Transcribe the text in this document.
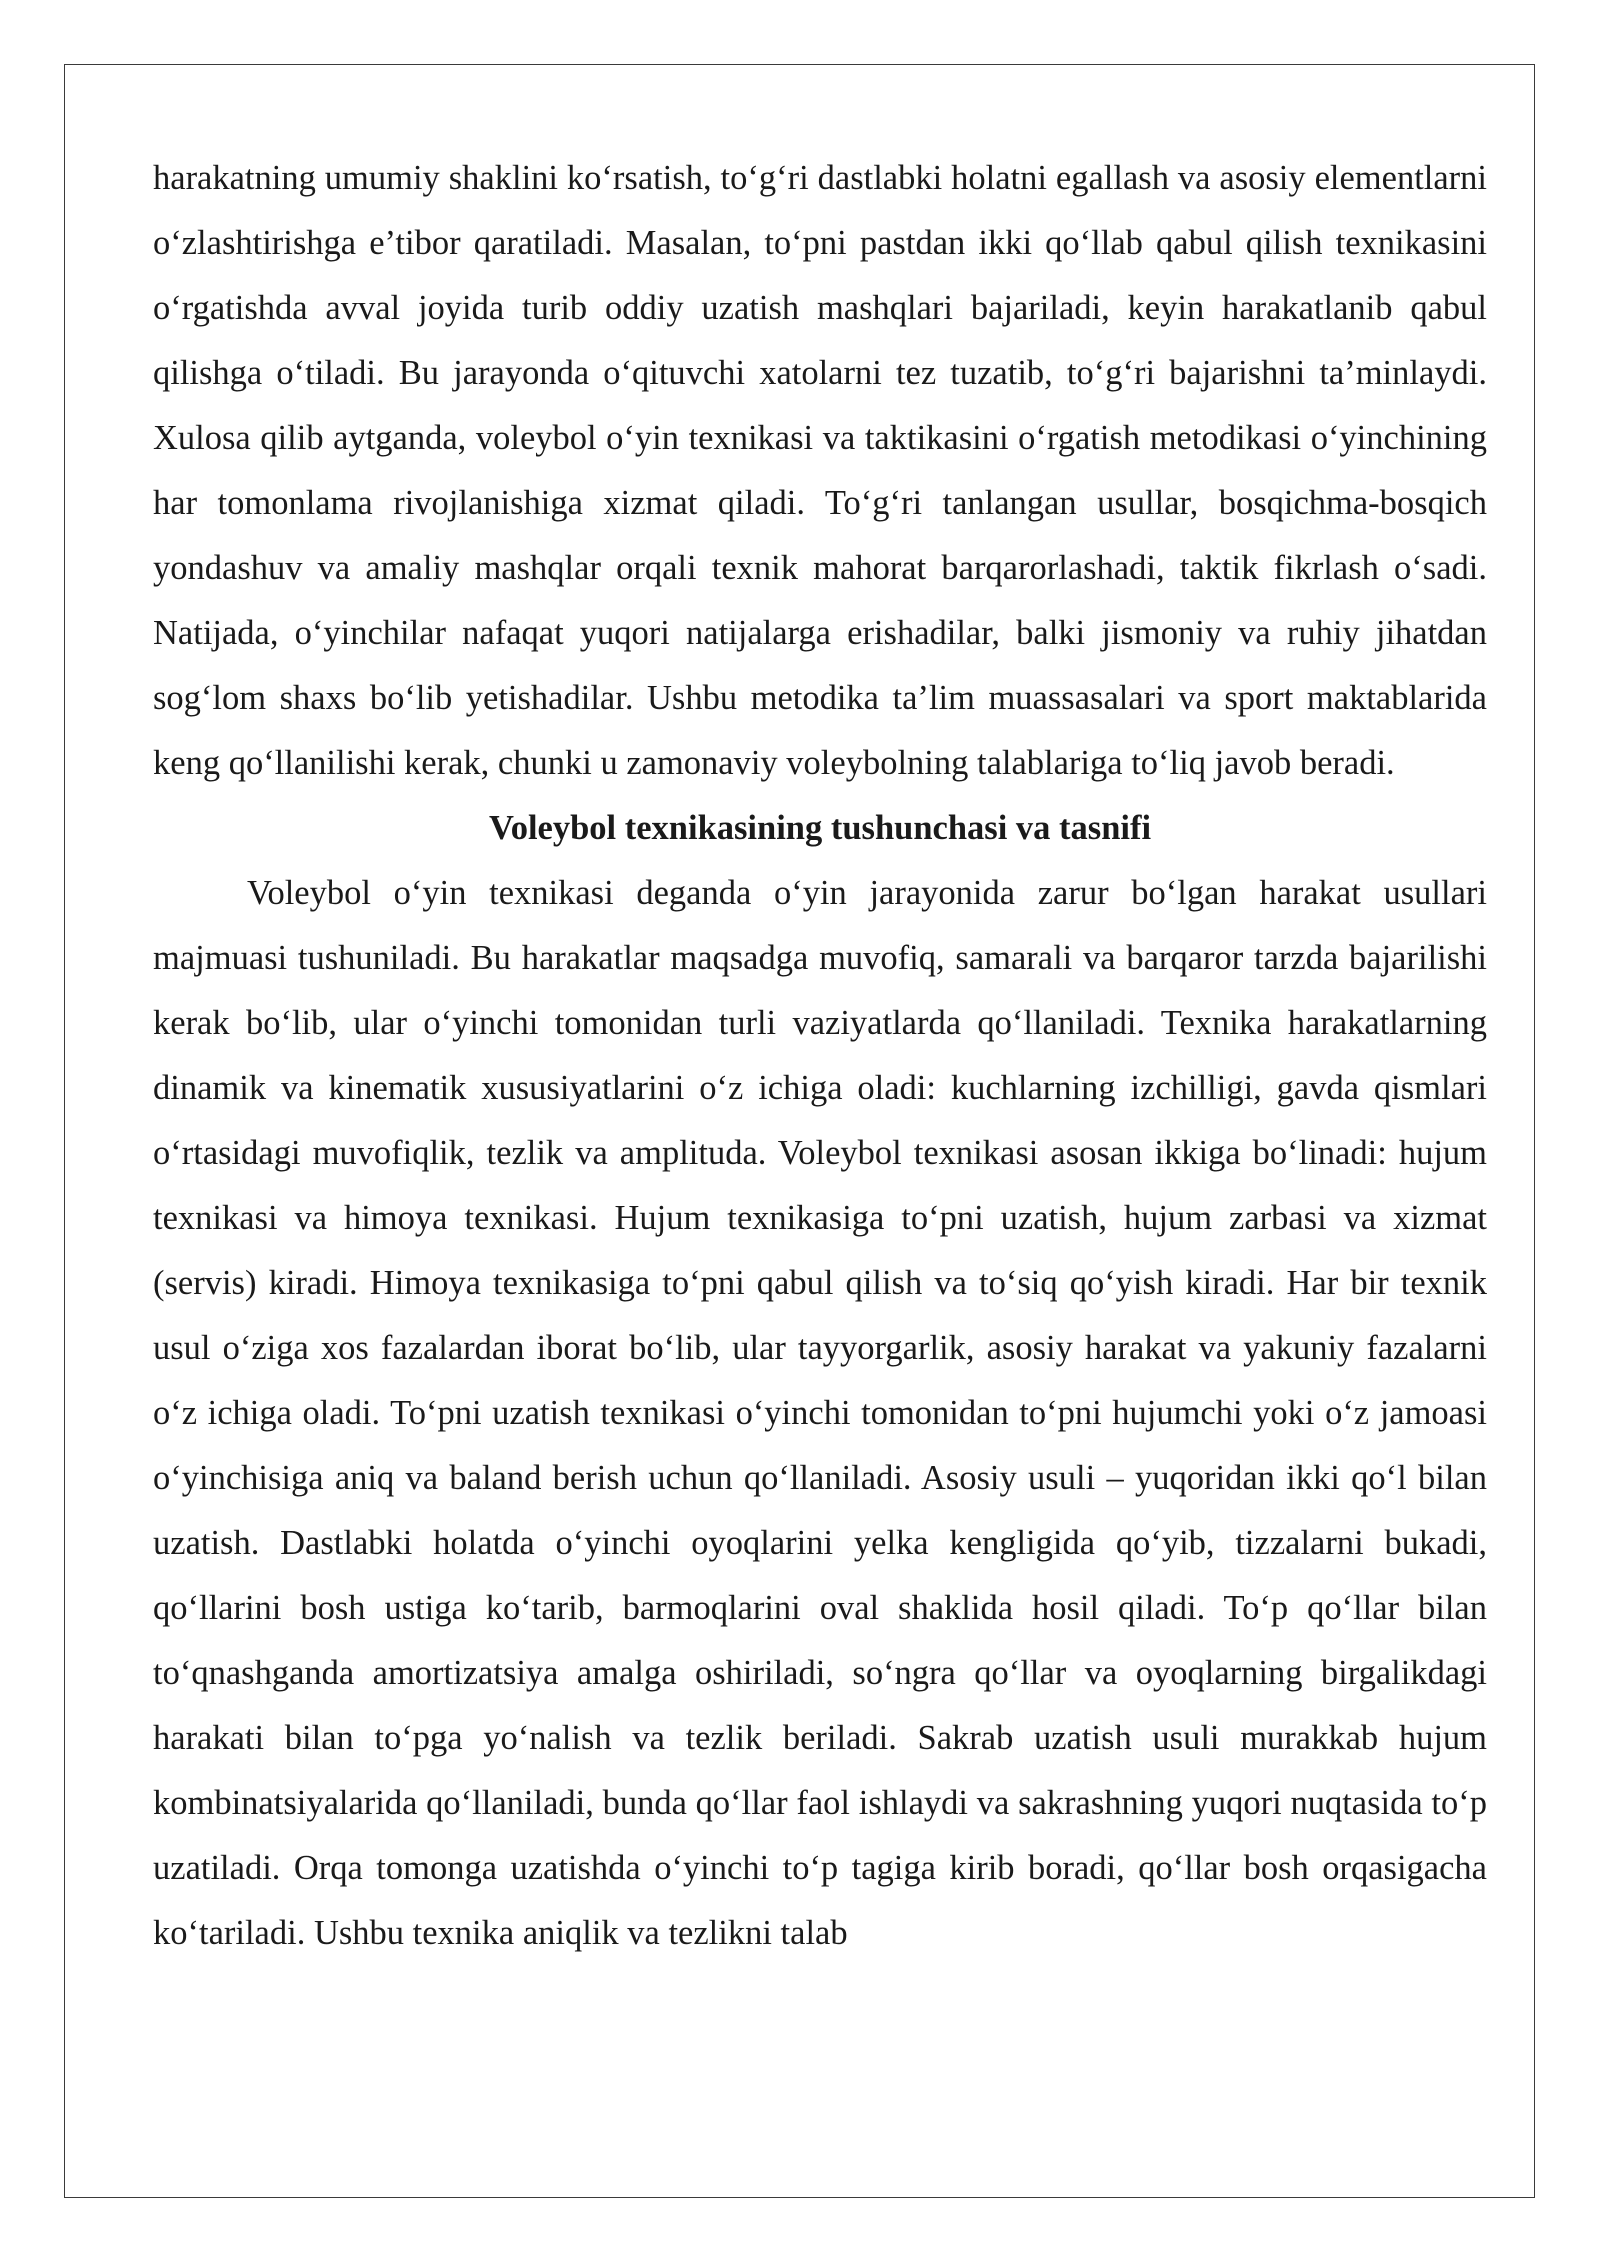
harakatning umumiy shaklini ko‘rsatish, to‘g‘ri dastlabki holatni egallash va asosiy elementlarni o‘zlashtirishga e’tibor qaratiladi. Masalan, to‘pni pastdan ikki qo‘llab qabul qilish texnikasini o‘rgatishda avval joyida turib oddiy uzatish mashqlari bajariladi, keyin harakatlanib qabul qilishga o‘tiladi. Bu jarayonda o‘qituvchi xatolarni tez tuzatib, to‘g‘ri bajarishni ta’minlaydi. Xulosa qilib aytganda, voleybol o‘yin texnikasi va taktikasini o‘rgatish metodikasi o‘yinchining har tomonlama rivojlanishiga xizmat qiladi. To‘g‘ri tanlangan usullar, bosqichma-bosqich yondashuv va amaliy mashqlar orqali texnik mahorat barqarorlashadi, taktik fikrlash o‘sadi. Natijada, o‘yinchilar nafaqat yuqori natijalarga erishadilar, balki jismoniy va ruhiy jihatdan sog‘lom shaxs bo‘lib yetishadilar. Ushbu metodika ta’lim muassasalari va sport maktablarida keng qo‘llanilishi kerak, chunki u zamonaviy voleybolning talablariga to‘liq javob beradi.

Voleybol texnikasining tushunchasi va tasnifi

Voleybol o‘yin texnikasi deganda o‘yin jarayonida zarur bo‘lgan harakat usullari majmuasi tushuniladi. Bu harakatlar maqsadga muvofiq, samarali va barqaror tarzda bajarilishi kerak bo‘lib, ular o‘yinchi tomonidan turli vaziyatlarda qo‘llaniladi. Texnika harakatlarning dinamik va kinematik xususiyatlarini o‘z ichiga oladi: kuchlarning izchilligi, gavda qismlari o‘rtasidagi muvofiqlik, tezlik va amplituda. Voleybol texnikasi asosan ikkiga bo‘linadi: hujum texnikasi va himoya texnikasi. Hujum texnikasiga to‘pni uzatish, hujum zarbasi va xizmat (servis) kiradi. Himoya texnikasiga to‘pni qabul qilish va to‘siq qo‘yish kiradi. Har bir texnik usul o‘ziga xos fazalardan iborat bo‘lib, ular tayyorgarlik, asosiy harakat va yakuniy fazalarni o‘z ichiga oladi. To‘pni uzatish texnikasi o‘yinchi tomonidan to‘pni hujumchi yoki o‘z jamoasi o‘yinchisiga aniq va baland berish uchun qo‘llaniladi. Asosiy usuli – yuqoridan ikki qo‘l bilan uzatish. Dastlabki holatda o‘yinchi oyoqlarini yelka kengligida qo‘yib, tizzalarni bukadi, qo‘llarini bosh ustiga ko‘tarib, barmoqlarini oval shaklida hosil qiladi. To‘p qo‘llar bilan to‘qnashganda amortizatsiya amalga oshiriladi, so‘ngra qo‘llar va oyoqlarning birgalikdagi harakati bilan to‘pga yo‘nalish va tezlik beriladi. Sakrab uzatish usuli murakkab hujum kombinatsiyalarida qo‘llaniladi, bunda qo‘llar faol ishlaydi va sakrashning yuqori nuqtasida to‘p uzatiladi. Orqa tomonga uzatishda o‘yinchi to‘p tagiga kirib boradi, qo‘llar bosh orqasigacha ko‘tariladi. Ushbu texnika aniqlik va tezlikni talab
